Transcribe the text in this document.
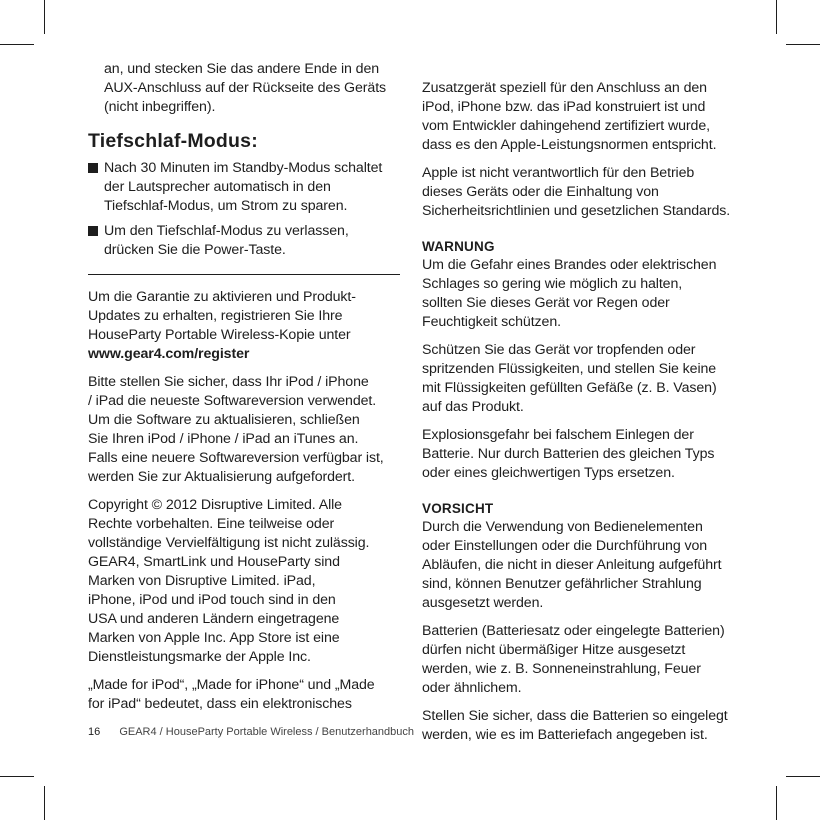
an, und stecken Sie das andere Ende in den
AUX-Anschluss auf der Rückseite des Geräts
(nicht inbegriffen).
Tiefschlaf-Modus:
Nach 30 Minuten im Standby-Modus schaltet
der Lautsprecher automatisch in den
Tiefschlaf-Modus, um Strom zu sparen.
Um den Tiefschlaf-Modus zu verlassen,
drücken Sie die Power-Taste.
Um die Garantie zu aktivieren und Produkt-
Updates zu erhalten, registrieren Sie Ihre
HouseParty Portable Wireless-Kopie unter
www.gear4.com/register
Bitte stellen Sie sicher, dass Ihr iPod / iPhone
/ iPad die neueste Softwareversion verwendet.
Um die Software zu aktualisieren, schließen
Sie Ihren iPod / iPhone / iPad an iTunes an.
Falls eine neuere Softwareversion verfügbar ist,
werden Sie zur Aktualisierung aufgefordert.
Copyright © 2012 Disruptive Limited. Alle
Rechte vorbehalten. Eine teilweise oder
vollständige Vervielfältigung ist nicht zulässig.
GEAR4, SmartLink und HouseParty sind
Marken von Disruptive Limited. iPad,
iPhone, iPod und iPod touch sind in den
USA und anderen Ländern eingetragene
Marken von Apple Inc. App Store ist eine
Dienstleistungsmarke der Apple Inc.
„Made for iPod“, „Made for iPhone“ und „Made
for iPad“ bedeutet, dass ein elektronisches
Zusatzgerät speziell für den Anschluss an den
iPod, iPhone bzw. das iPad konstruiert ist und
vom Entwickler dahingehend zertifiziert wurde,
dass es den Apple-Leistungsnormen entspricht.
Apple ist nicht verantwortlich für den Betrieb
dieses Geräts oder die Einhaltung von
Sicherheitsrichtlinien und gesetzlichen Standards.
WARNUNG
Um die Gefahr eines Brandes oder elektrischen
Schlages so gering wie möglich zu halten,
sollten Sie dieses Gerät vor Regen oder
Feuchtigkeit schützen.
Schützen Sie das Gerät vor tropfenden oder
spritzenden Flüssigkeiten, und stellen Sie keine
mit Flüssigkeiten gefüllten Gefäße (z. B. Vasen)
auf das Produkt.
Explosionsgefahr bei falschem Einlegen der
Batterie. Nur durch Batterien des gleichen Typs
oder eines gleichwertigen Typs ersetzen.
VORSICHT
Durch die Verwendung von Bedienelementen
oder Einstellungen oder die Durchführung von
Abläufen, die nicht in dieser Anleitung aufgeführt
sind, können Benutzer gefährlicher Strahlung
ausgesetzt werden.
Batterien (Batteriesatz oder eingelegte Batterien)
dürfen nicht übermäßiger Hitze ausgesetzt
werden, wie z. B. Sonneneinstrahlung, Feuer
oder ähnlichem.
Stellen Sie sicher, dass die Batterien so eingelegt
werden, wie es im Batteriefach angegeben ist.
16 GEAR4 / HouseParty Portable Wireless / Benutzerhandbuch
